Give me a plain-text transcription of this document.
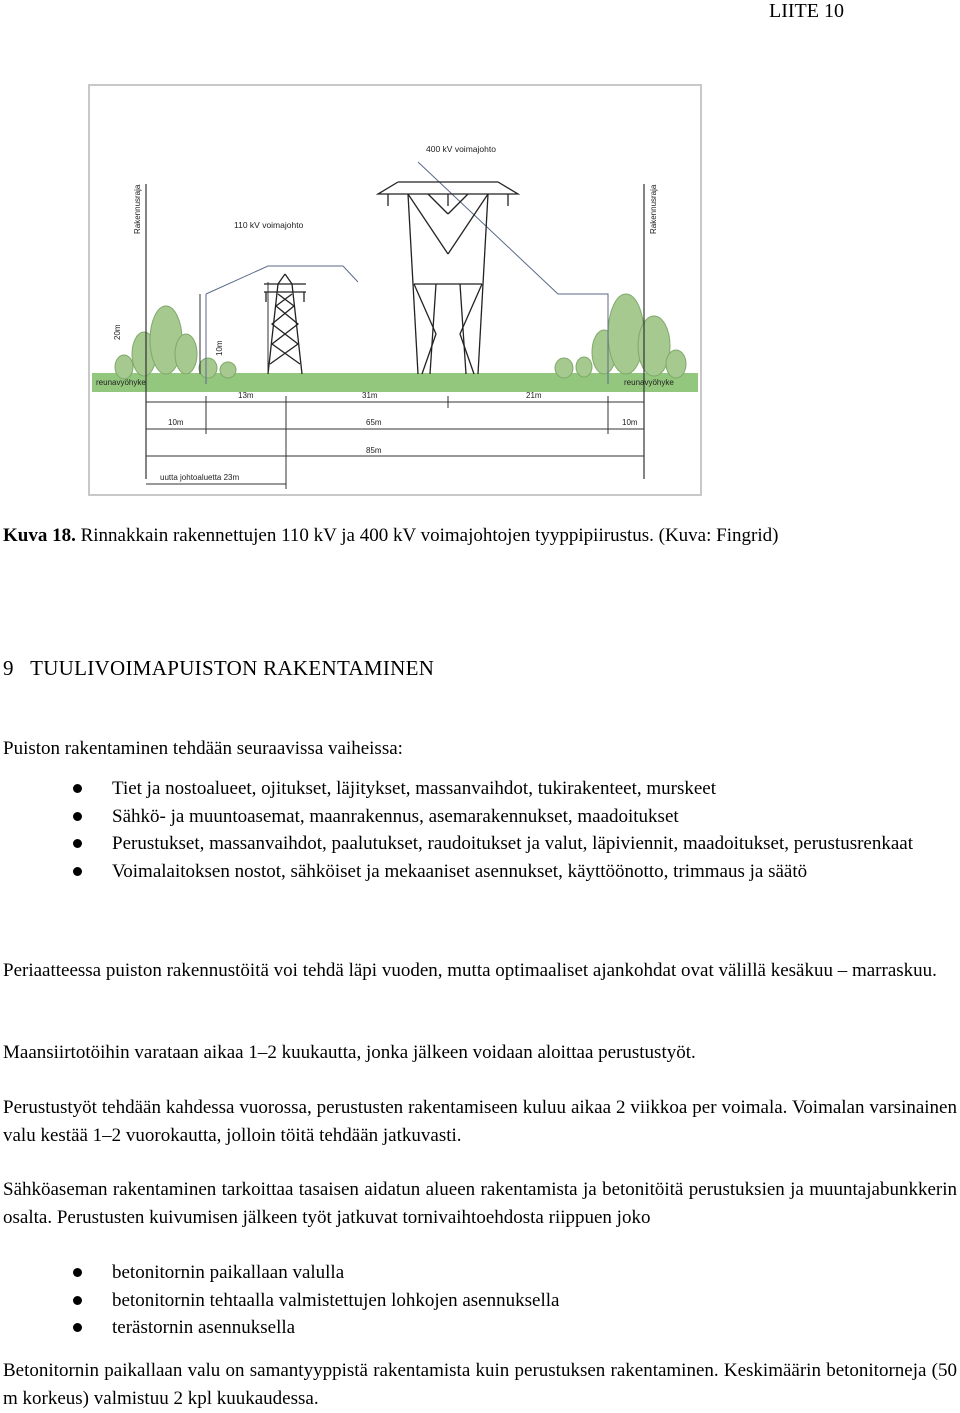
LIITE 10
400 kV voimajohto
110 kV voimajohto
Rakennusraja	Rakennusraja
20m
10m
reunavyöhyke	reunavyöhyke
13m	31m	21m
10m	65m	10m
85m
uutta johtoaluetta 23m
Kuva 18. Rinnakkain rakennettujen 110 kV ja 400 kV voimajohtojen tyyppipiirustus. (Kuva: Fingrid)
9   TUULIVOIMAPUISTON RAKENTAMINEN
Puiston rakentaminen tehdään seuraavissa vaiheissa:
Tiet ja nostoalueet, ojitukset, läjitykset, massanvaihdot, tukirakenteet, murskeet
Sähkö- ja muuntoasemat, maanrakennus, asemarakennukset, maadoitukset
Perustukset, massanvaihdot, paalutukset, raudoitukset ja valut, läpiviennit, maadoitukset, perustusrenkaat
Voimalaitoksen nostot, sähköiset ja mekaaniset asennukset, käyttöönotto, trimmaus ja säätö
Periaatteessa puiston rakennustöitä voi tehdä läpi vuoden, mutta optimaaliset ajankohdat ovat välillä kesäkuu – marraskuu.
Maansiirtotöihin varataan aikaa 1–2 kuukautta, jonka jälkeen voidaan aloittaa perustustyöt.
Perustustyöt tehdään kahdessa vuorossa, perustusten rakentamiseen kuluu aikaa 2 viikkoa per voimala. Voimalan varsinainen valu kestää 1–2 vuorokautta, jolloin töitä tehdään jatkuvasti.
Sähköaseman rakentaminen tarkoittaa tasaisen aidatun alueen rakentamista ja betonitöitä perustuksien ja muuntajabunkkerin osalta. Perustusten kuivumisen jälkeen työt jatkuvat tornivaihtoehdosta riippuen joko
betonitornin paikallaan valulla
betonitornin tehtaalla valmistettujen lohkojen asennuksella
terästornin asennuksella
Betonitornin paikallaan valu on samantyyppistä rakentamista kuin perustuksen rakentaminen. Keskimäärin betonitorneja (50 m korkeus) valmistuu 2 kpl kuukaudessa.
